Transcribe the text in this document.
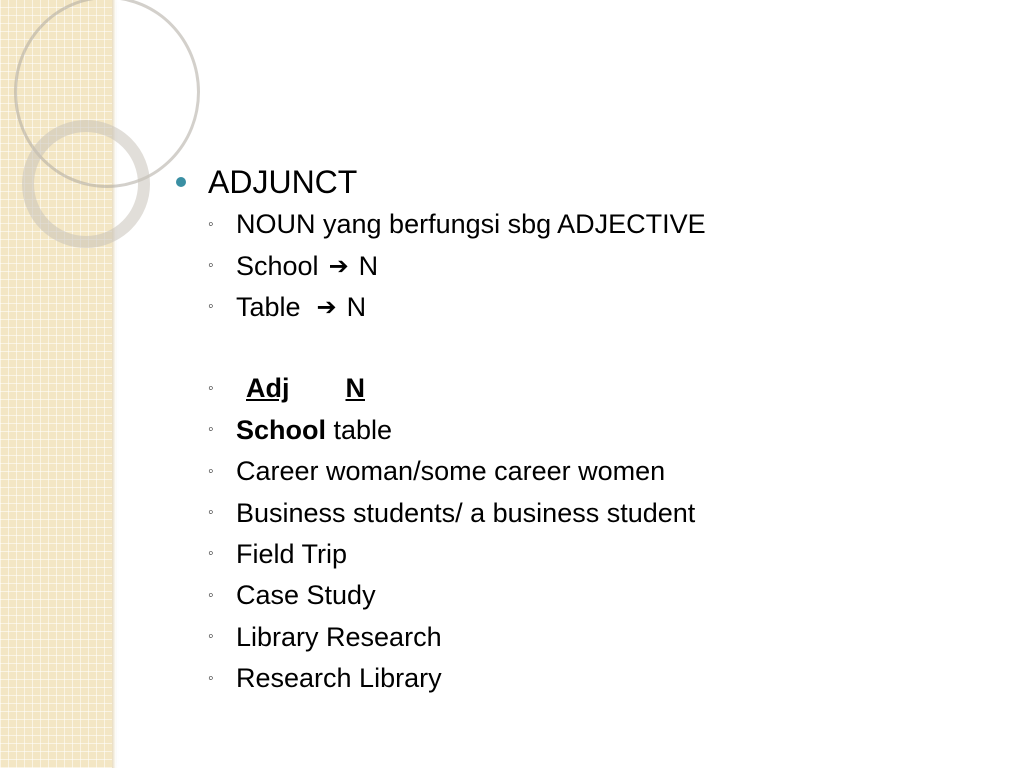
ADJUNCT
◦ NOUN yang berfungsi sbg ADJECTIVE
◦ School ➔ N
◦ Table ➔ N
◦	Adj	N
◦ School table
◦ Career woman/some career women
◦ Business students/ a business student
◦ Field Trip
◦ Case Study
◦ Library Research
◦ Research Library
